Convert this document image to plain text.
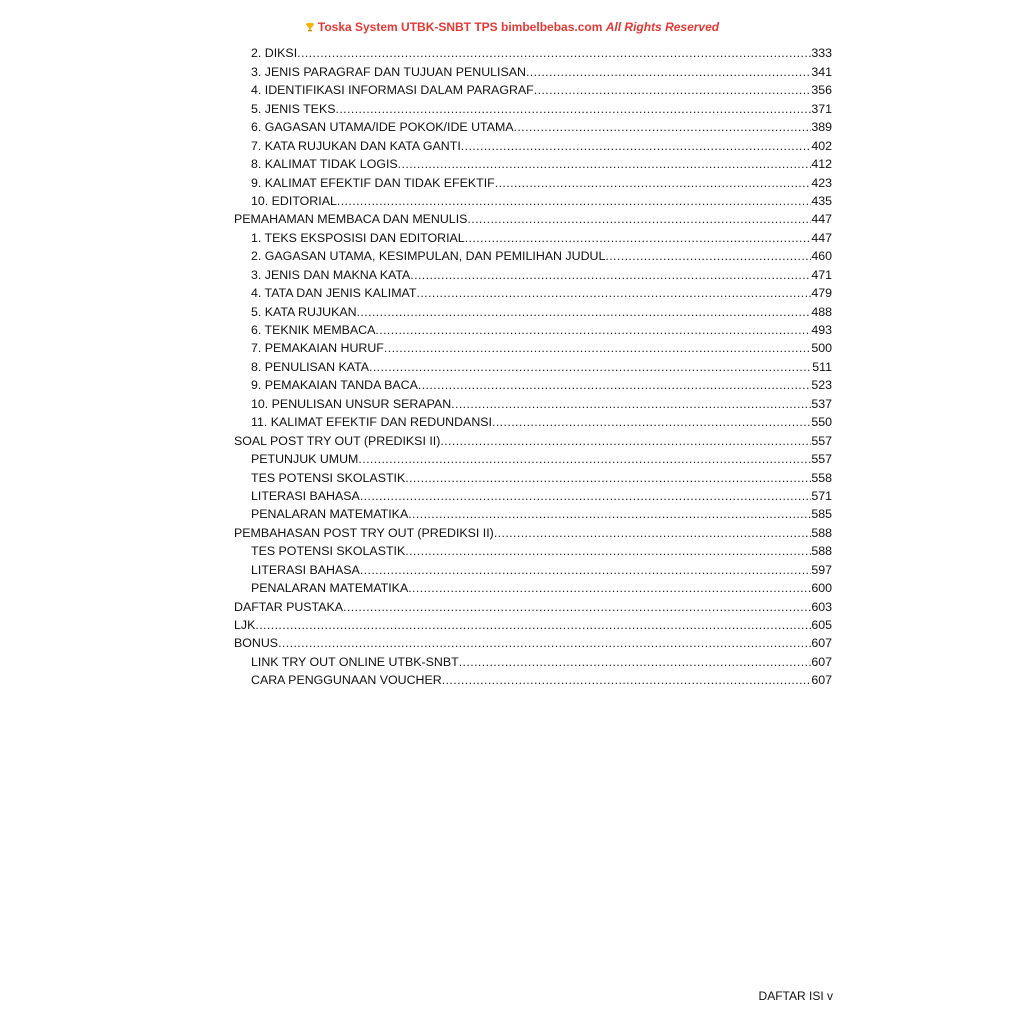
Toska System UTBK-SNBT TPS bimbelbebas.com All Rights Reserved
2. DIKSI .....	333
3. JENIS PARAGRAF DAN TUJUAN PENULISAN .....	341
4. IDENTIFIKASI INFORMASI DALAM PARAGRAF .....	356
5. JENIS TEKS .....	371
6. GAGASAN UTAMA/IDE POKOK/IDE UTAMA .....	389
7. KATA RUJUKAN DAN KATA GANTI .....	402
8. KALIMAT TIDAK LOGIS .....	412
9. KALIMAT EFEKTIF DAN TIDAK EFEKTIF .....	423
10. EDITORIAL .....	435
PEMAHAMAN MEMBACA DAN MENULIS .....	447
1. TEKS EKSPOSISI DAN EDITORIAL .....	447
2. GAGASAN UTAMA, KESIMPULAN, DAN PEMILIHAN JUDUL .....	460
3. JENIS DAN MAKNA KATA .....	471
4. TATA DAN JENIS KALIMAT .....	479
5. KATA RUJUKAN .....	488
6. TEKNIK MEMBACA .....	493
7. PEMAKAIAN HURUF .....	500
8. PENULISAN KATA .....	511
9. PEMAKAIAN TANDA BACA .....	523
10. PENULISAN UNSUR SERAPAN .....	537
11. KALIMAT EFEKTIF DAN REDUNDANSI .....	550
SOAL POST TRY OUT (PREDIKSI II) .....	557
PETUNJUK UMUM .....	557
TES POTENSI SKOLASTIK .....	558
LITERASI BAHASA .....	571
PENALARAN MATEMATIKA .....	585
PEMBAHASAN POST TRY OUT (PREDIKSI II) .....	588
TES POTENSI SKOLASTIK .....	588
LITERASI BAHASA .....	597
PENALARAN MATEMATIKA .....	600
DAFTAR PUSTAKA .....	603
LJK .....	605
BONUS .....	607
LINK TRY OUT ONLINE UTBK-SNBT .....	607
CARA PENGGUNAAN VOUCHER .....	607
DAFTAR ISI v
